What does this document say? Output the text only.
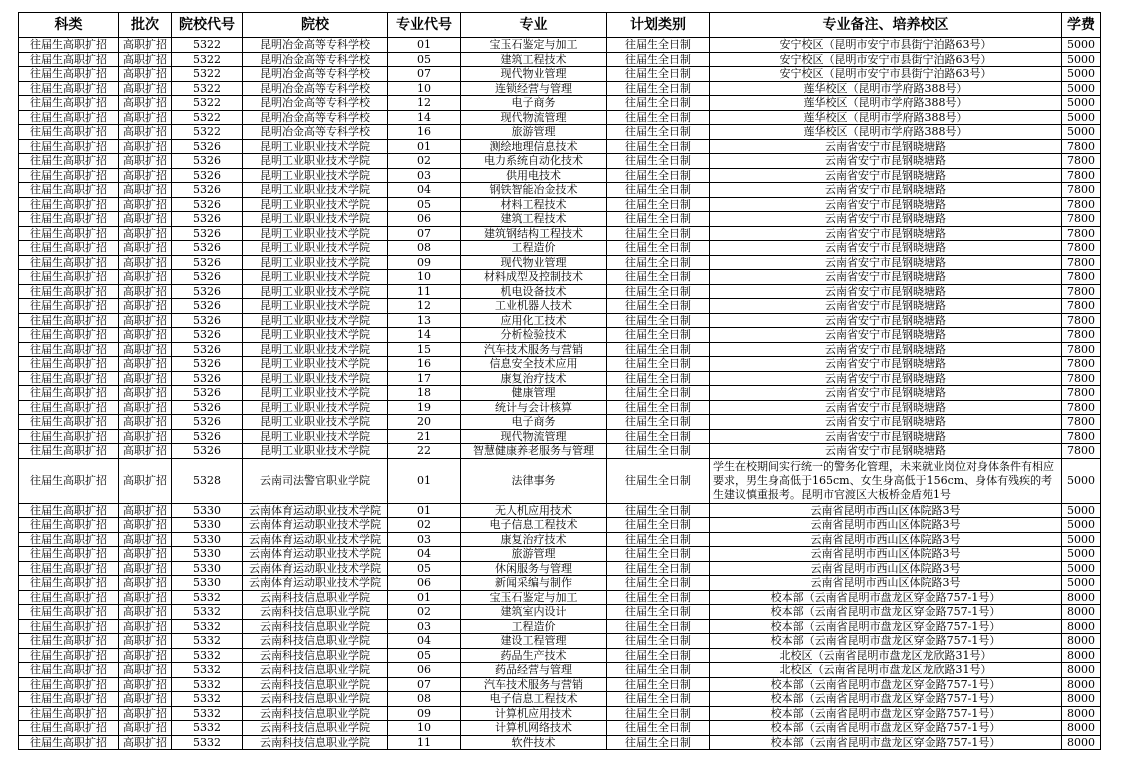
科类	批次	院校代号	院校	专业代号	专业	计划类别	专业备注、培养校区	学费
往届生高职扩招	高职扩招	5322	昆明冶金高等专科学校	01	宝玉石鉴定与加工	往届生全日制	安宁校区（昆明市安宁市县街宁泊路63号）	5000
往届生高职扩招	高职扩招	5322	昆明冶金高等专科学校	05	建筑工程技术	往届生全日制	安宁校区（昆明市安宁市县街宁泊路63号）	5000
往届生高职扩招	高职扩招	5322	昆明冶金高等专科学校	07	现代物业管理	往届生全日制	安宁校区（昆明市安宁市县街宁泊路63号）	5000
往届生高职扩招	高职扩招	5322	昆明冶金高等专科学校	10	连锁经营与管理	往届生全日制	莲华校区（昆明市学府路388号）	5000
往届生高职扩招	高职扩招	5322	昆明冶金高等专科学校	12	电子商务	往届生全日制	莲华校区（昆明市学府路388号）	5000
往届生高职扩招	高职扩招	5322	昆明冶金高等专科学校	14	现代物流管理	往届生全日制	莲华校区（昆明市学府路388号）	5000
往届生高职扩招	高职扩招	5322	昆明冶金高等专科学校	16	旅游管理	往届生全日制	莲华校区（昆明市学府路388号）	5000
往届生高职扩招	高职扩招	5326	昆明工业职业技术学院	01	测绘地理信息技术	往届生全日制	云南省安宁市昆钢晓塘路	7800
往届生高职扩招	高职扩招	5326	昆明工业职业技术学院	02	电力系统自动化技术	往届生全日制	云南省安宁市昆钢晓塘路	7800
往届生高职扩招	高职扩招	5326	昆明工业职业技术学院	03	供用电技术	往届生全日制	云南省安宁市昆钢晓塘路	7800
往届生高职扩招	高职扩招	5326	昆明工业职业技术学院	04	钢铁智能冶金技术	往届生全日制	云南省安宁市昆钢晓塘路	7800
往届生高职扩招	高职扩招	5326	昆明工业职业技术学院	05	材料工程技术	往届生全日制	云南省安宁市昆钢晓塘路	7800
往届生高职扩招	高职扩招	5326	昆明工业职业技术学院	06	建筑工程技术	往届生全日制	云南省安宁市昆钢晓塘路	7800
往届生高职扩招	高职扩招	5326	昆明工业职业技术学院	07	建筑钢结构工程技术	往届生全日制	云南省安宁市昆钢晓塘路	7800
往届生高职扩招	高职扩招	5326	昆明工业职业技术学院	08	工程造价	往届生全日制	云南省安宁市昆钢晓塘路	7800
往届生高职扩招	高职扩招	5326	昆明工业职业技术学院	09	现代物业管理	往届生全日制	云南省安宁市昆钢晓塘路	7800
往届生高职扩招	高职扩招	5326	昆明工业职业技术学院	10	材料成型及控制技术	往届生全日制	云南省安宁市昆钢晓塘路	7800
往届生高职扩招	高职扩招	5326	昆明工业职业技术学院	11	机电设备技术	往届生全日制	云南省安宁市昆钢晓塘路	7800
往届生高职扩招	高职扩招	5326	昆明工业职业技术学院	12	工业机器人技术	往届生全日制	云南省安宁市昆钢晓塘路	7800
往届生高职扩招	高职扩招	5326	昆明工业职业技术学院	13	应用化工技术	往届生全日制	云南省安宁市昆钢晓塘路	7800
往届生高职扩招	高职扩招	5326	昆明工业职业技术学院	14	分析检验技术	往届生全日制	云南省安宁市昆钢晓塘路	7800
往届生高职扩招	高职扩招	5326	昆明工业职业技术学院	15	汽车技术服务与营销	往届生全日制	云南省安宁市昆钢晓塘路	7800
往届生高职扩招	高职扩招	5326	昆明工业职业技术学院	16	信息安全技术应用	往届生全日制	云南省安宁市昆钢晓塘路	7800
往届生高职扩招	高职扩招	5326	昆明工业职业技术学院	17	康复治疗技术	往届生全日制	云南省安宁市昆钢晓塘路	7800
往届生高职扩招	高职扩招	5326	昆明工业职业技术学院	18	健康管理	往届生全日制	云南省安宁市昆钢晓塘路	7800
往届生高职扩招	高职扩招	5326	昆明工业职业技术学院	19	统计与会计核算	往届生全日制	云南省安宁市昆钢晓塘路	7800
往届生高职扩招	高职扩招	5326	昆明工业职业技术学院	20	电子商务	往届生全日制	云南省安宁市昆钢晓塘路	7800
往届生高职扩招	高职扩招	5326	昆明工业职业技术学院	21	现代物流管理	往届生全日制	云南省安宁市昆钢晓塘路	7800
往届生高职扩招	高职扩招	5326	昆明工业职业技术学院	22	智慧健康养老服务与管理	往届生全日制	云南省安宁市昆钢晓塘路	7800
往届生高职扩招	高职扩招	5328	云南司法警官职业学院	01	法律事务	往届生全日制	学生在校期间实行统一的警务化管理，未来就业岗位对身体条件有相应要求，男生身高低于165cm、女生身高低于156cm、身体有残疾的考生建议慎重报考。昆明市官渡区大板桥金盾苑1号	5000
往届生高职扩招	高职扩招	5330	云南体育运动职业技术学院	01	无人机应用技术	往届生全日制	云南省昆明市西山区体院路3号	5000
往届生高职扩招	高职扩招	5330	云南体育运动职业技术学院	02	电子信息工程技术	往届生全日制	云南省昆明市西山区体院路3号	5000
往届生高职扩招	高职扩招	5330	云南体育运动职业技术学院	03	康复治疗技术	往届生全日制	云南省昆明市西山区体院路3号	5000
往届生高职扩招	高职扩招	5330	云南体育运动职业技术学院	04	旅游管理	往届生全日制	云南省昆明市西山区体院路3号	5000
往届生高职扩招	高职扩招	5330	云南体育运动职业技术学院	05	休闲服务与管理	往届生全日制	云南省昆明市西山区体院路3号	5000
往届生高职扩招	高职扩招	5330	云南体育运动职业技术学院	06	新闻采编与制作	往届生全日制	云南省昆明市西山区体院路3号	5000
往届生高职扩招	高职扩招	5332	云南科技信息职业学院	01	宝玉石鉴定与加工	往届生全日制	校本部（云南省昆明市盘龙区穿金路757-1号）	8000
往届生高职扩招	高职扩招	5332	云南科技信息职业学院	02	建筑室内设计	往届生全日制	校本部（云南省昆明市盘龙区穿金路757-1号）	8000
往届生高职扩招	高职扩招	5332	云南科技信息职业学院	03	工程造价	往届生全日制	校本部（云南省昆明市盘龙区穿金路757-1号）	8000
往届生高职扩招	高职扩招	5332	云南科技信息职业学院	04	建设工程管理	往届生全日制	校本部（云南省昆明市盘龙区穿金路757-1号）	8000
往届生高职扩招	高职扩招	5332	云南科技信息职业学院	05	药品生产技术	往届生全日制	北校区（云南省昆明市盘龙区龙欣路31号）	8000
往届生高职扩招	高职扩招	5332	云南科技信息职业学院	06	药品经营与管理	往届生全日制	北校区（云南省昆明市盘龙区龙欣路31号）	8000
往届生高职扩招	高职扩招	5332	云南科技信息职业学院	07	汽车技术服务与营销	往届生全日制	校本部（云南省昆明市盘龙区穿金路757-1号）	8000
往届生高职扩招	高职扩招	5332	云南科技信息职业学院	08	电子信息工程技术	往届生全日制	校本部（云南省昆明市盘龙区穿金路757-1号）	8000
往届生高职扩招	高职扩招	5332	云南科技信息职业学院	09	计算机应用技术	往届生全日制	校本部（云南省昆明市盘龙区穿金路757-1号）	8000
往届生高职扩招	高职扩招	5332	云南科技信息职业学院	10	计算机网络技术	往届生全日制	校本部（云南省昆明市盘龙区穿金路757-1号）	8000
往届生高职扩招	高职扩招	5332	云南科技信息职业学院	11	软件技术	往届生全日制	校本部（云南省昆明市盘龙区穿金路757-1号）	8000
